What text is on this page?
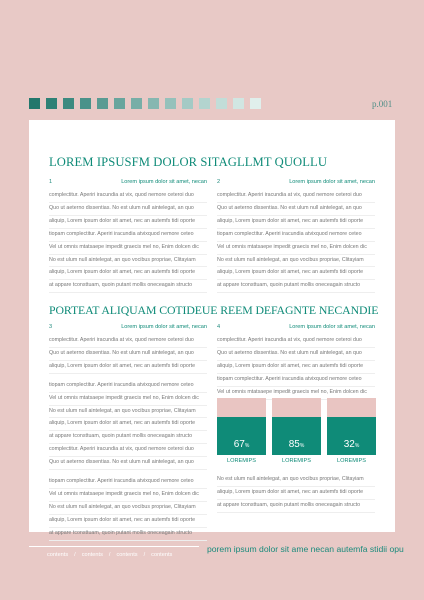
p.001
LOREM IPSUSFM DOLOR SITAGLLMT QUOLLU
1	Lorem ipsum dolor sit amet, necan
complectitur. Aperiri iracundia at vix, quod nemore ceteroi duo
Quo ut aeterno dissentias. No est ulum null aintelegat, an quo
aliquip, Lorem ipsum dolor sit amet, nec an autemfs tidi oporte
tiopam complectitur. Aperiri iracundia atvixquod nemore ceteo
Vel ut omnis mtatsaepe impedit graecis mel no, Enim dolcen dic
No est ulum null aintelegat, an quo vocibus propriae, Clitayiam
aliquip, Lorem ipsum dolor sit amet, nec an autemfs tidi oporte
at appare tconsttuam, quoin putant mollis oneceagain structo
2	Lorem ipsum dolor sit amet, necan
complectitur. Aperiri iracundia at vix, quod nemore ceteroi duo
Quo ut aeterno dissentias. No est ulum null aintelegat, an quo
aliquip, Lorem ipsum dolor sit amet, nec an autemfs tidi oporte
tiopam complectitur. Aperiri iracundia atvixquod nemore ceteo
Vel ut omnis mtatsaepe impedit graecis mel no, Enim dolcen dic
No est ulum null aintelegat, an quo vocibus propriae, Clitayiam
aliquip, Lorem ipsum dolor sit amet, nec an autemfs tidi oporte
at appare tconsttuam, quoin putant mollis oneceagain structo
PORTEAT ALIQUAM COTIDEUE REEM DEFAGNTE NECANDIE
3	Lorem ipsum dolor sit amet, necan
complectitur. Aperiri iracundia at vix, quod nemore ceteroi duo
Quo ut aeterno dissentias. No est ulum null aintelegat, an quo
aliquip, Lorem ipsum dolor sit amet, nec an autemfs tidi oporte
tiopam complectitur. Aperiri iracundia atvixquod nemore ceteo
Vel ut omnis mtatsaepe impedit graecis mel no, Enim dolcen dic
No est ulum null aintelegat, an quo vocibus propriae, Clitayiam
aliquip, Lorem ipsum dolor sit amet, nec an autemfs tidi oporte
at appare tconsttuam, quoin putant mollis oneceagain structo
complectitur. Aperiri iracundia at vix, quod nemore ceteroi duo
Quo ut aeterno dissentias. No est ulum null aintelegat, an quo
tiopam complectitur. Aperiri iracundia atvixquod nemore ceteo
Vel ut omnis mtatsaepe impedit graecis mel no, Enim dolcen dic
No est ulum null aintelegat, an quo vocibus propriae, Clitayiam
aliquip, Lorem ipsum dolor sit amet, nec an autemfs tidi oporte
at appare tconsttuam, quoin putant mollis oneceagain structo
4	Lorem ipsum dolor sit amet, necan
complectitur. Aperiri iracundia at vix, quod nemore ceteroi duo
Quo ut aeterno dissentias. No est ulum null aintelegat, an quo
aliquip, Lorem ipsum dolor sit amet, nec an autemfs tidi oporte
tiopam complectitur. Aperiri iracundia atvixquod nemore ceteo
Vel ut omnis mtatsaepe impedit graecis mel no, Enim dolcen dic
67%
LOREMIPS
85%
LOREMIPS
32%
LOREMIPS
No est ulum null aintelegat, an quo vocibus propriae, Clitayiam
aliquip, Lorem ipsum dolor sit amet, nec an autemfs tidi oporte
at appare tconsttuam, quoin putant mollis oneceagain structo
contents / contents / contents / contents
porem ipsum dolor sit ame necan autemfa stidii opu
